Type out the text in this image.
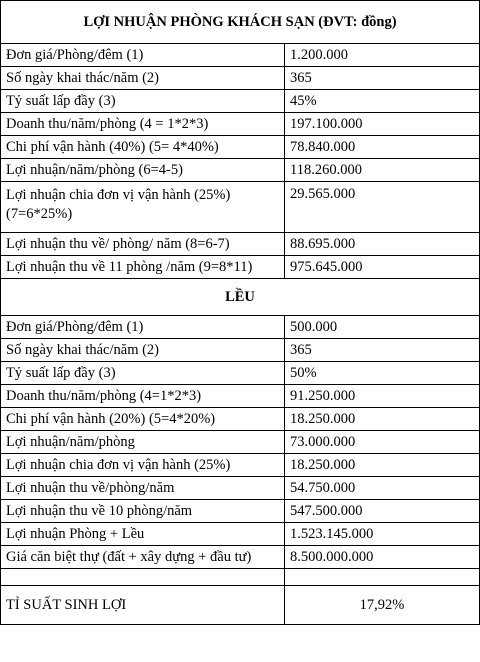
LỢI NHUẬN PHÒNG KHÁCH SẠN (ĐVT: đồng)	
Đơn giá/Phòng/đêm (1)	1.200.000
Số ngày khai thác/năm (2)	365
Tỷ suất lấp đầy (3)	45%
Doanh thu/năm/phòng (4 = 1*2*3)	197.100.000
Chi phí vận hành (40%) (5= 4*40%)	78.840.000
Lợi nhuận/năm/phòng (6=4-5)	118.260.000
Lợi nhuận chia đơn vị vận hành (25%) (7=6*25%)	29.565.000
Lợi nhuận thu về/ phòng/ năm (8=6-7)	88.695.000
Lợi nhuận thu về 11 phòng /năm (9=8*11)	975.645.000
LỀU	
Đơn giá/Phòng/đêm (1)	500.000
Số ngày khai thác/năm (2)	365
Tỷ suất lấp đầy (3)	50%
Doanh thu/năm/phòng (4=1*2*3)	91.250.000
Chi phí vận hành (20%) (5=4*20%)	18.250.000
Lợi nhuận/năm/phòng	73.000.000
Lợi nhuận chia đơn vị vận hành (25%)	18.250.000
Lợi nhuận thu về/phòng/năm	54.750.000
Lợi nhuận thu về 10 phòng/năm	547.500.000
Lợi nhuận Phòng + Lều	1.523.145.000
Giá căn biệt thự (đất + xây dựng + đầu tư)	8.500.000.000

TỈ SUẤT SINH LỢI	17,92%
